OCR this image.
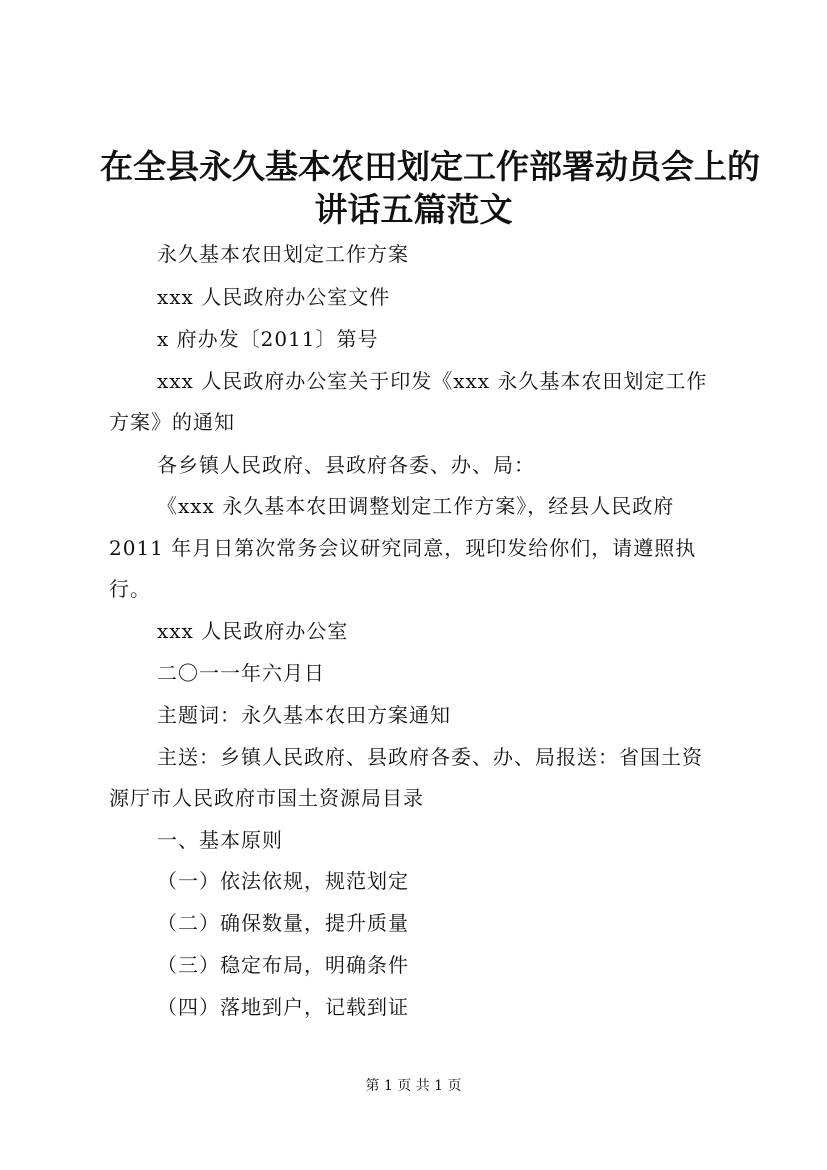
在全县永久基本农田划定工作部署动员会上的
讲话五篇范文
永久基本农田划定工作方案
xxx 人民政府办公室文件
x 府办发〔2011〕第号
xxx 人民政府办公室关于印发《xxx 永久基本农田划定工作
方案》的通知
各乡镇人民政府、县政府各委、办、局：
《xxx 永久基本农田调整划定工作方案》，经县人民政府
2011 年月日第次常务会议研究同意，现印发给你们，请遵照执
行。
xxx 人民政府办公室
二〇一一年六月日
主题词：永久基本农田方案通知
主送：乡镇人民政府、县政府各委、办、局报送：省国土资
源厅市人民政府市国土资源局目录
一、基本原则
（一）依法依规，规范划定
（二）确保数量，提升质量
（三）稳定布局，明确条件
（四）落地到户，记载到证
第 1 页 共 1 页
